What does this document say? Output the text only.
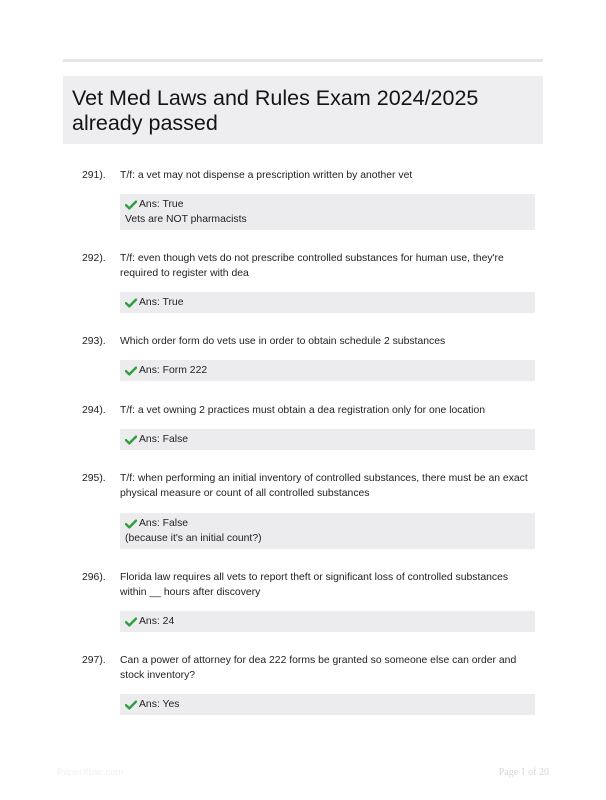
Vet Med Laws and Rules Exam 2024/2025 already passed
291). T/f: a vet may not dispense a prescription written by another vet
Ans: True
Vets are NOT pharmacists
292). T/f: even though vets do not prescribe controlled substances for human use, they're required to register with dea
Ans: True
293). Which order form do vets use in order to obtain schedule 2 substances
Ans: Form 222
294). T/f: a vet owning 2 practices must obtain a dea registration only for one location
Ans: False
295). T/f: when performing an initial inventory of controlled substances, there must be an exact physical measure or count of all controlled substances
Ans: False
(because it's an initial count?)
296). Florida law requires all vets to report theft or significant loss of controlled substances within __ hours after discovery
Ans: 24
297). Can a power of attorney for dea 222 forms be granted so someone else can order and stock inventory?
Ans: Yes
PaperXblic.com	Page 1 of 20
